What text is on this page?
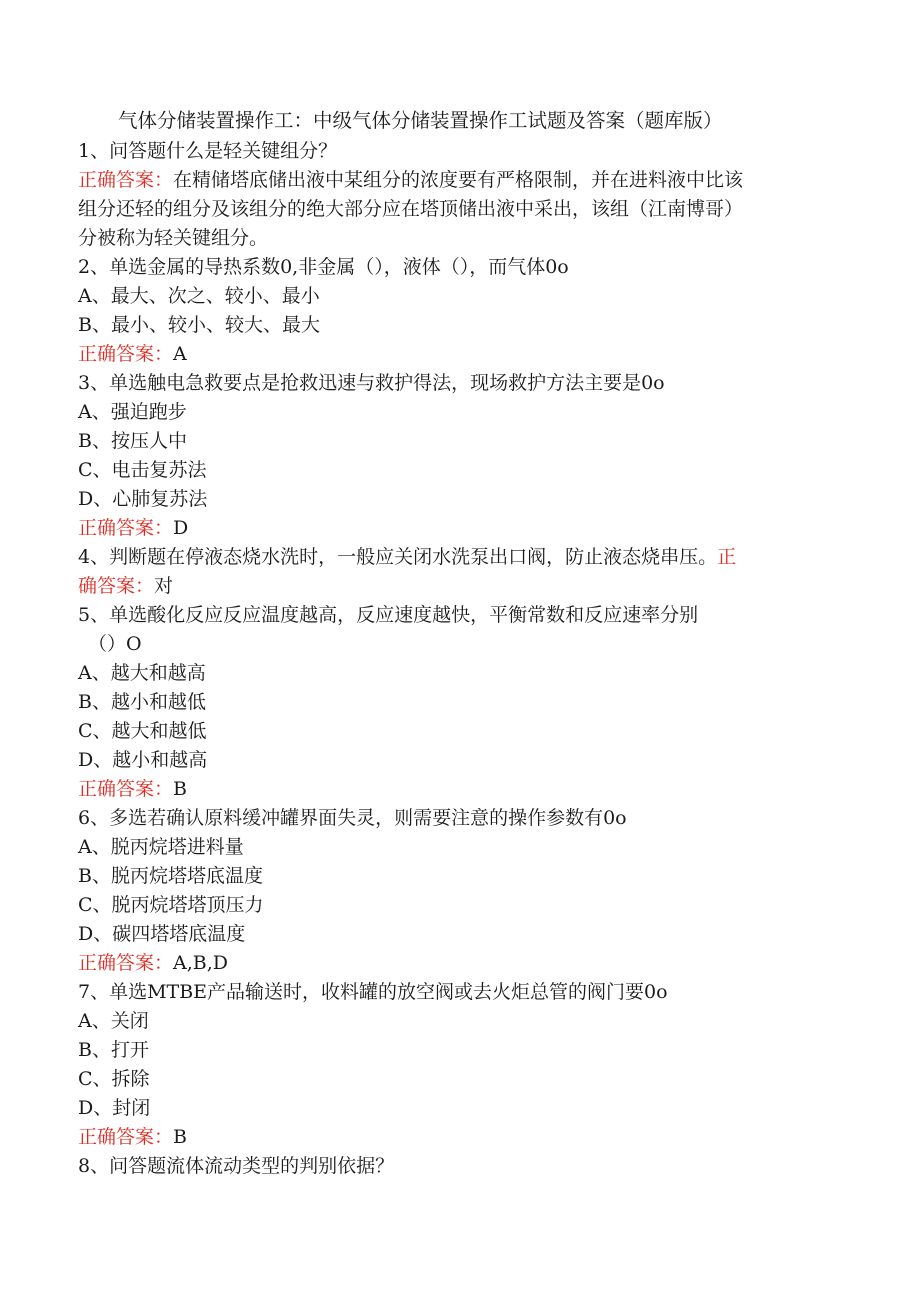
气体分储装置操作工：中级气体分储装置操作工试题及答案（题库版）
1、问答题什么是轻关键组分？
正确答案：在精储塔底储出液中某组分的浓度要有严格限制，并在进料液中比该
组分还轻的组分及该组分的绝大部分应在塔顶储出液中采出，该组（江南博哥）
分被称为轻关键组分。
2、单选金属的导热系数0,非金属（），液体（），而气体0o
A、最大、次之、较小、最小
B、最小、较小、较大、最大
正确答案：A
3、单选触电急救要点是抢救迅速与救护得法，现场救护方法主要是0o
A、强迫跑步
B、按压人中
C、电击复苏法
D、心肺复苏法
正确答案：D
4、判断题在停液态烧水洗时，一般应关闭水洗泵出口阀，防止液态烧串压。正
确答案：对
5、单选酸化反应反应温度越高，反应速度越快，平衡常数和反应速率分别
（）O
A、越大和越高
B、越小和越低
C、越大和越低
D、越小和越高
正确答案：B
6、多选若确认原料缓冲罐界面失灵，则需要注意的操作参数有0o
A、脱丙烷塔进料量
B、脱丙烷塔塔底温度
C、脱丙烷塔塔顶压力
D、碳四塔塔底温度
正确答案：A,B,D
7、单选MTBE产品输送时，收料罐的放空阀或去火炬总管的阀门要0o
A、关闭
B、打开
C、拆除
D、封闭
正确答案：B
8、问答题流体流动类型的判别依据？
